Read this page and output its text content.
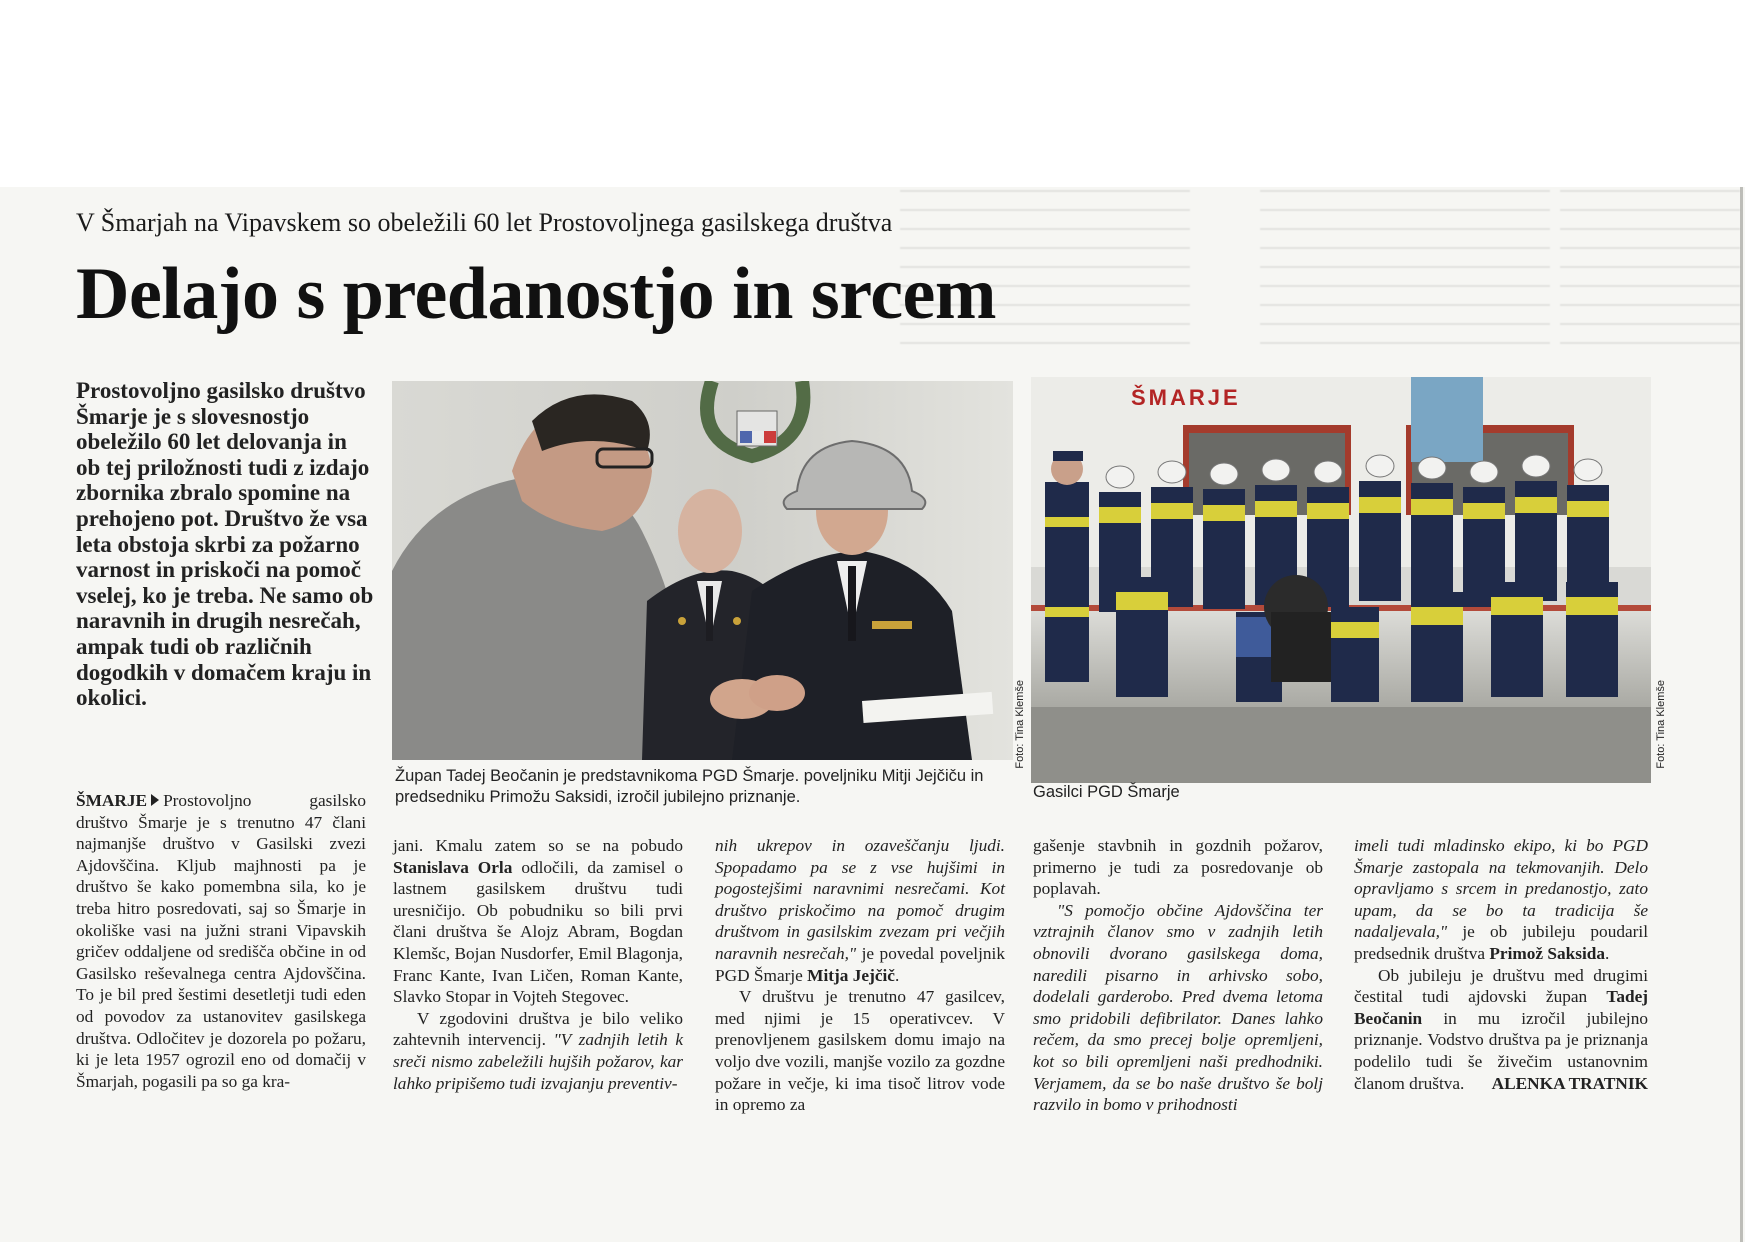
V Šmarjah na Vipavskem so obeležili 60 let Prostovoljnega gasilskega društva
Delajo s predanostjo in srcem
Prostovoljno gasilsko društvo Šmarje je s slovesnostjo obeležilo 60 let delovanja in ob tej priložnosti tudi z izdajo zbornika zbralo spomine na prehojeno pot. Društvo že vsa leta obstoja skrbi za požarno varnost in priskoči na pomoč vselej, ko je treba. Ne samo ob naravnih in drugih nesrečah, ampak tudi ob različnih dogodkih v domačem kraju in okolici.	Foto: Tina Klemše
Župan Tadej Beočanin je predstavnikoma PGD Šmarje. poveljniku Mitji Jejčiču in predsedniku Primožu Saksidi, izročil jubilejno priznanje.
ŠMARJE
Foto: Tina Klemše
Gasilci PGD Šmarje

ŠMARJE Prostovoljno gasilsko društvo Šmarje je s trenutno 47 člani najmanjše društvo v Gasilski zvezi Ajdovščina. Kljub majhnosti pa je društvo še kako pomembna sila, ko je treba hitro posredovati, saj so Šmarje in okoliške vasi na južni strani Vipavskih gričev oddaljene od središča občine in od Gasilsko reševalnega centra Ajdovščina. To je bil pred šestimi desetletji tudi eden od povodov za ustanovitev gasilskega društva. Odločitev je dozorela po požaru, ki je leta 1957 ogrozil eno od domačij v Šmarjah, pogasili pa so ga kra-

jani. Kmalu zatem so se na pobudo Stanislava Orla odločili, da zamisel o lastnem gasilskem društvu tudi uresničijo. Ob pobudniku so bili prvi člani društva še Alojz Abram, Bogdan Klemšc, Bojan Nusdorfer, Emil Blagonja, Franc Kante, Ivan Ličen, Roman Kante, Slavko Stopar in Vojteh Stegovec.

V zgodovini društva je bilo veliko zahtevnih intervencij. "V zadnjih letih k sreči nismo zabeležili hujših požarov, kar lahko pripišemo tudi izvajanju preventiv-

nih ukrepov in ozaveščanju ljudi. Spopadamo pa se z vse hujšimi in pogostejšimi naravnimi nesrečami. Kot društvo priskočimo na pomoč drugim društvom in gasilskim zvezam pri večjih naravnih nesrečah," je povedal poveljnik PGD Šmarje Mitja Jejčič.

V društvu je trenutno 47 gasilcev, med njimi je 15 operativcev. V prenovljenem gasilskem domu imajo na voljo dve vozili, manjše vozilo za gozdne požare in večje, ki ima tisoč litrov vode in opremo za

gašenje stavbnih in gozdnih požarov, primerno je tudi za posredovanje ob poplavah.

"S pomočjo občine Ajdovščina ter vztrajnih članov smo v zadnjih letih obnovili dvorano gasilskega doma, naredili pisarno in arhivsko sobo, dodelali garderobo. Pred dvema letoma smo pridobili defibrilator. Danes lahko rečem, da smo precej bolje opremljeni, kot so bili opremljeni naši predhodniki. Verjamem, da se bo naše društvo še bolj razvilo in bomo v prihodnosti

imeli tudi mladinsko ekipo, ki bo PGD Šmarje zastopala na tekmovanjih. Delo opravljamo s srcem in predanostjo, zato upam, da se bo ta tradicija še nadaljevala," je ob jubileju poudaril predsednik društva Primož Saksida.

Ob jubileju je društvu med drugimi čestital tudi ajdovski župan Tadej Beočanin in mu izročil jubilejno priznanje. Vodstvo društva pa je priznanja podelilo tudi še živečim ustanovnim članom društva.	ALENKA TRATNIK
